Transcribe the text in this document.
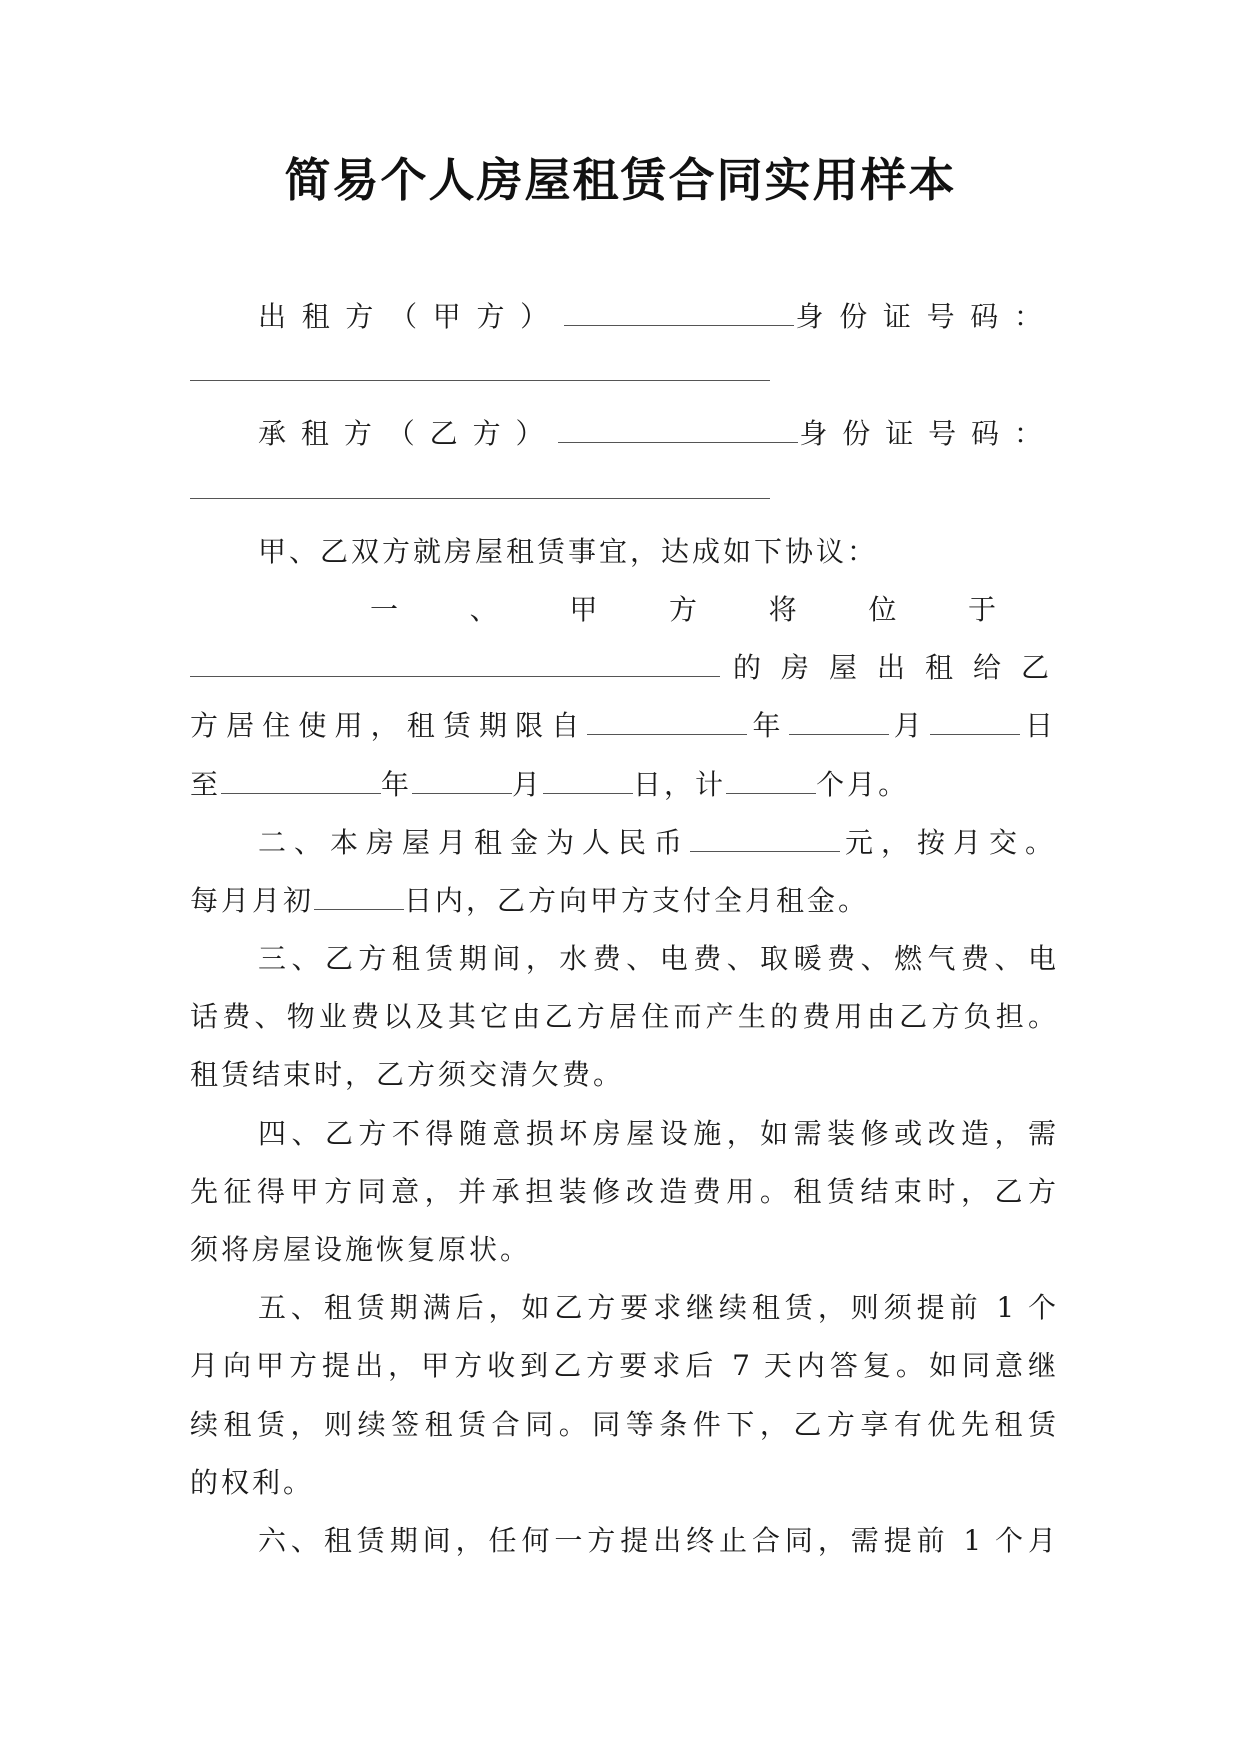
简易个人房屋租赁合同实用样本
出租方（甲方）	身份证号码：
承租方（乙方）	身份证号码：
甲、乙双方就房屋租赁事宜，达成如下协议：
一、甲方将位于
的房屋出租给乙
方居住使用，租赁期限自	年	月	日
至	年	月	日，计	个月。
二、本房屋月租金为人民币	元，按月交。
每月月初	日内，乙方向甲方支付全月租金。
三、乙方租赁期间，水费、电费、取暖费、燃气费、电
话费、物业费以及其它由乙方居住而产生的费用由乙方负担。
租赁结束时，乙方须交清欠费。
四、乙方不得随意损坏房屋设施，如需装修或改造，需
先征得甲方同意，并承担装修改造费用。租赁结束时，乙方
须将房屋设施恢复原状。
五、租赁期满后，如乙方要求继续租赁，则须提前 1 个
月向甲方提出，甲方收到乙方要求后 7 天内答复。如同意继
续租赁，则续签租赁合同。同等条件下，乙方享有优先租赁
的权利。
六、租赁期间，任何一方提出终止合同，需提前 1 个月
